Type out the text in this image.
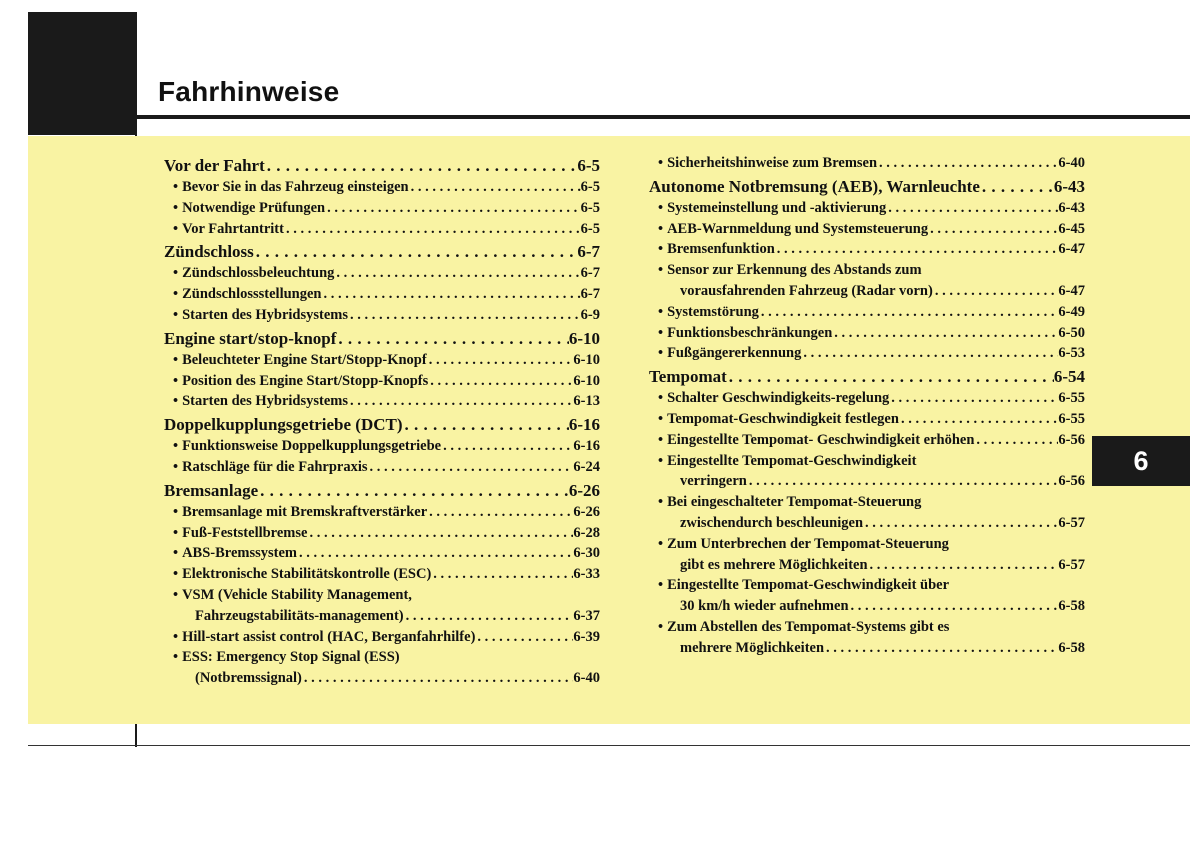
Fahrhinweise
6
Vor der Fahrt . . .	6-5
• Bevor Sie in das Fahrzeug einsteigen . . .	6-5
• Notwendige Prüfungen . . .	6-5
• Vor Fahrtantritt . . .	6-5
Zündschloss . . .	6-7
• Zündschlossbeleuchtung . . .	6-7
• Zündschlossstellungen . . .	6-7
• Starten des Hybridsystems . . .	6-9
Engine start/stop-knopf . . .	6-10
• Beleuchteter Engine Start/Stopp-Knopf . . .	6-10
• Position des Engine Start/Stopp-Knopfs . . .	6-10
• Starten des Hybridsystems . . .	6-13
Doppelkupplungsgetriebe (DCT) . . .	6-16
• Funktionsweise Doppelkupplungsgetriebe . . .	6-16
• Ratschläge für die Fahrpraxis . . .	6-24
Bremsanlage . . .	6-26
• Bremsanlage mit Bremskraftverstärker . . .	6-26
• Fuß-Feststellbremse . . .	6-28
• ABS-Bremssystem . . .	6-30
• Elektronische Stabilitätskontrolle (ESC) . . .	6-33
• VSM (Vehicle Stability Management,
Fahrzeugstabilitäts-management) . . .	6-37
• Hill-start assist control (HAC, Berganfahrhilfe) . . .	6-39
• ESS: Emergency Stop Signal (ESS)
(Notbremssignal) . . .	6-40
• Sicherheitshinweise zum Bremsen . . .	6-40
Autonome Notbremsung (AEB), Warnleuchte . . .	6-43
• Systemeinstellung und -aktivierung . . .	6-43
• AEB-Warnmeldung und Systemsteuerung . . .	6-45
• Bremsenfunktion . . .	6-47
• Sensor zur Erkennung des Abstands zum
vorausfahrenden Fahrzeug (Radar vorn) . . .	6-47
• Systemstörung . . .	6-49
• Funktionsbeschränkungen . . .	6-50
• Fußgängererkennung . . .	6-53
Tempomat . . .	6-54
• Schalter Geschwindigkeits-regelung . . .	6-55
• Tempomat-Geschwindigkeit festlegen . . .	6-55
• Eingestellte Tempomat- Geschwindigkeit erhöhen . . .	6-56
• Eingestellte Tempomat-Geschwindigkeit
verringern . . .	6-56
• Bei eingeschalteter Tempomat-Steuerung
zwischendurch beschleunigen . . .	6-57
• Zum Unterbrechen der Tempomat-Steuerung
gibt es mehrere Möglichkeiten . . .	6-57
• Eingestellte Tempomat-Geschwindigkeit über
30 km/h wieder aufnehmen . . .	6-58
• Zum Abstellen des Tempomat-Systems gibt es
mehrere Möglichkeiten . . .	6-58
